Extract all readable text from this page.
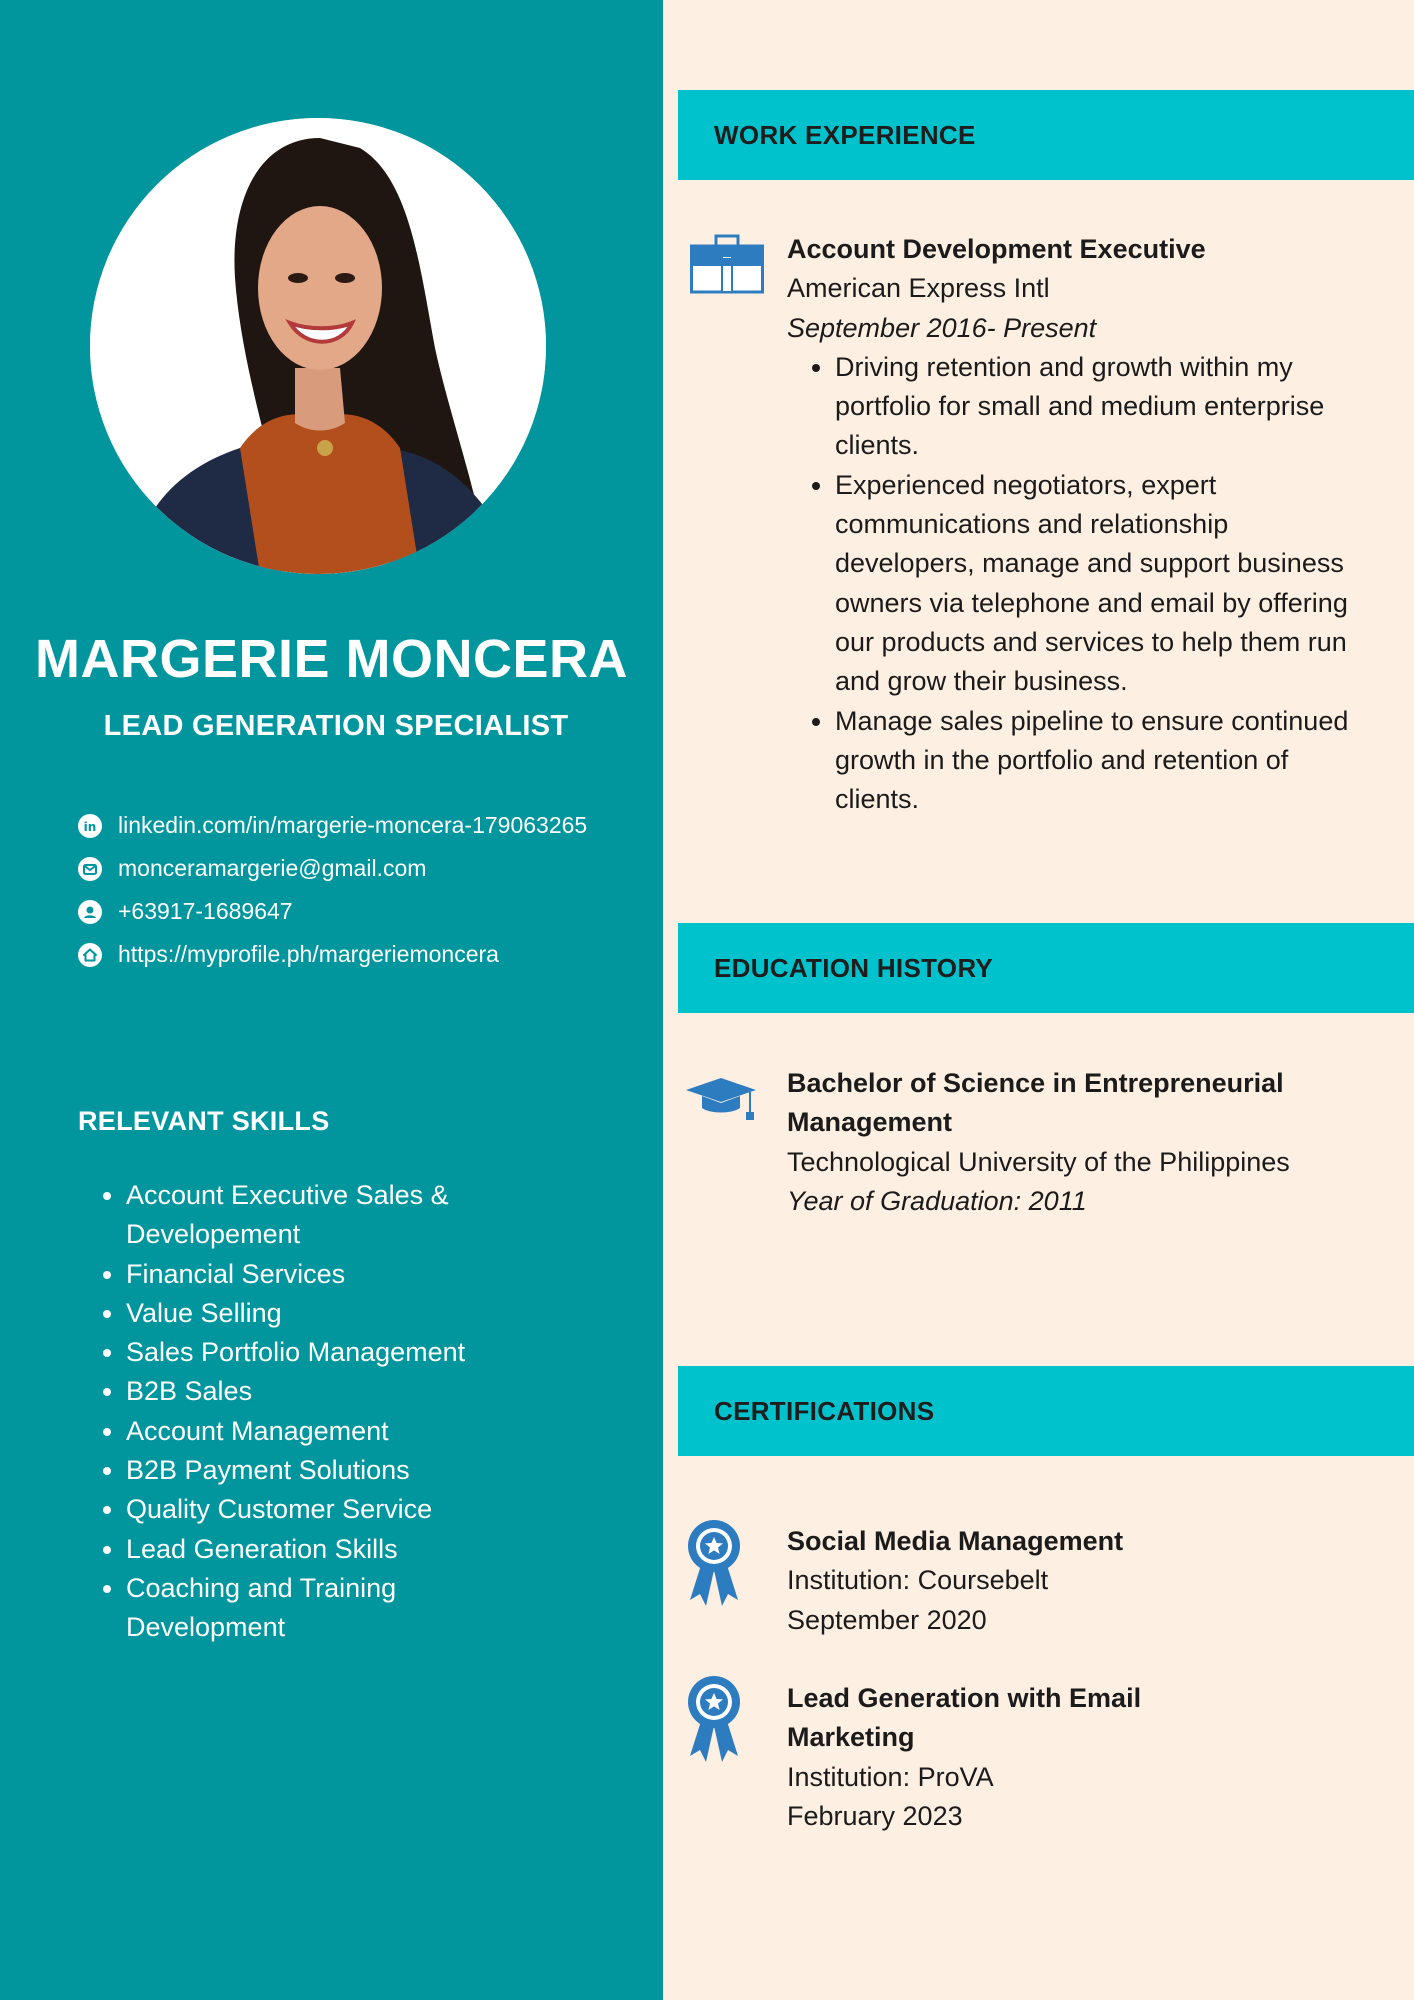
MARGERIE MONCERA
LEAD GENERATION SPECIALIST
in linkedin.com/in/margerie-moncera-179063265
monceramargerie@gmail.com
+63917-1689647
https://myprofile.ph/margeriemoncera
RELEVANT SKILLS
• Account Executive Sales & Developement
• Financial Services
• Value Selling
• Sales Portfolio Management
• B2B Sales
• Account Management
• B2B Payment Solutions
• Quality Customer Service
• Lead Generation Skills
• Coaching and Training Development
WORK EXPERIENCE
Account Development Executive
American Express Intl
September 2016- Present
• Driving retention and growth within my portfolio for small and medium enterprise clients.
• Experienced negotiators, expert communications and relationship developers, manage and support business owners via telephone and email by offering our products and services to help them run and grow their business.
• Manage sales pipeline to ensure continued growth in the portfolio and retention of clients.
EDUCATION HISTORY
Bachelor of Science in Entrepreneurial Management
Technological University of the Philippines
Year of Graduation: 2011
CERTIFICATIONS
Social Media Management
Institution: Coursebelt
September 2020
Lead Generation with Email Marketing
Institution: ProVA
February 2023
